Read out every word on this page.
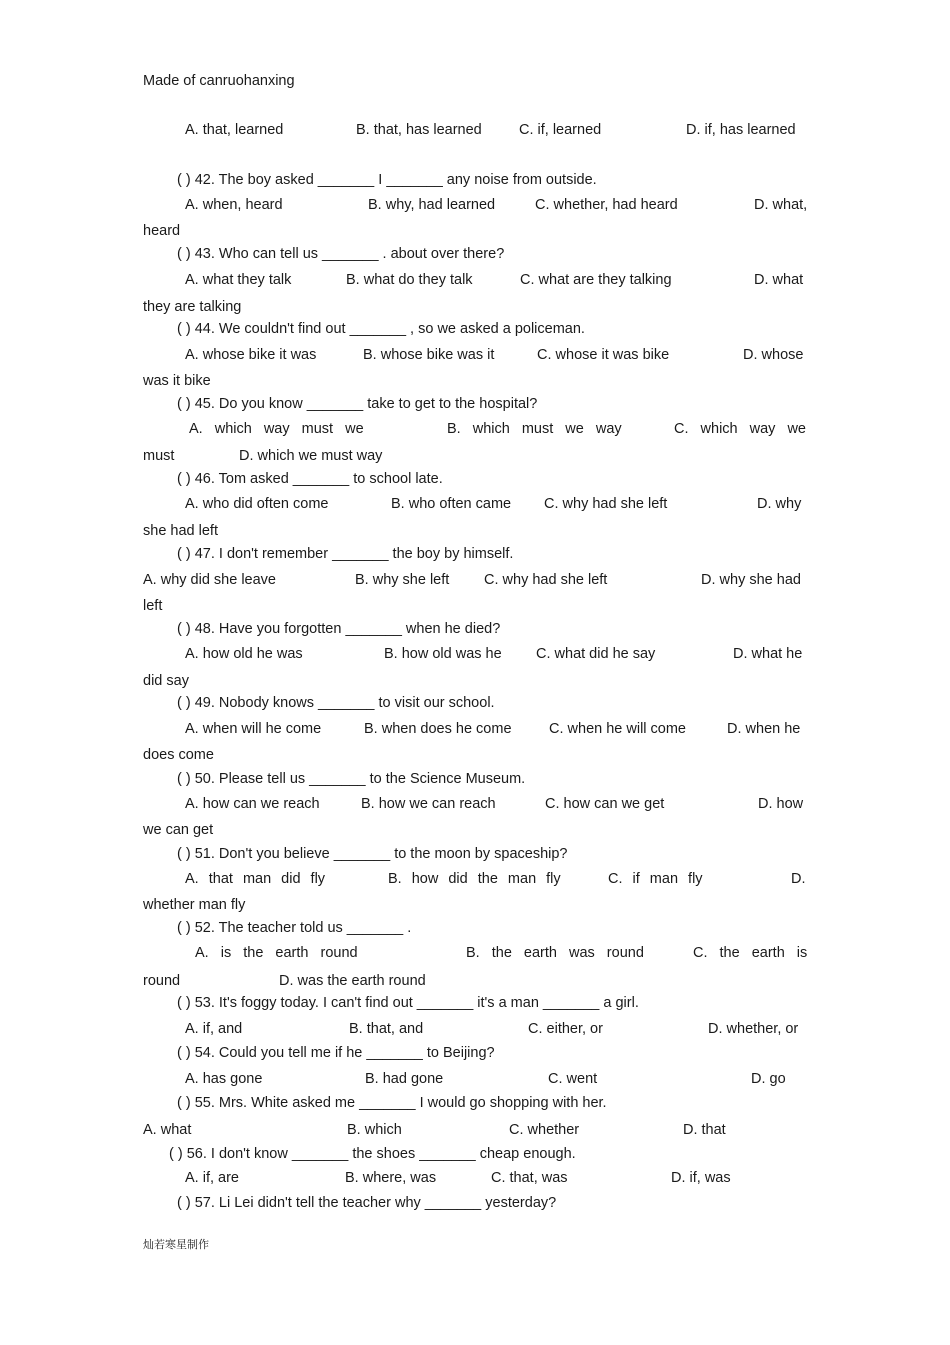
Made of canruohanxing
A. that, learned	B. that, has learned	C. if, learned	D. if, has learned
( ) 42. The boy asked _______ I _______ any noise from outside.
A. when, heard	B. why, had learned	C. whether, had heard	D. what,
heard
( ) 43. Who can tell us _______ . about over there?
A. what they talk	B. what do they talk	C. what are they talking	D. what
they are talking
( ) 44. We couldn't find out _______ , so we asked a policeman.
A. whose bike it was	B. whose bike was it	C. whose it was bike	D. whose
was it bike
( ) 45. Do you know _______ take to get to the hospital?
A. which way must we	B. which must we way	C. which way we
must	D. which we must way
( ) 46. Tom asked _______ to school late.
A. who did often come	B. who often came C. why had she left	D. why
she had left
( ) 47. I don't remember _______ the boy by himself.
A. why did she leave	B. why she left C. why had she left	D. why she had
left
( ) 48. Have you forgotten _______ when he died?
A. how old he was	B. how old was he C. what did he say	D. what he
did say
( ) 49. Nobody knows _______ to visit our school.
A. when will he come	B. when does he come	C. when he will come	D. when he
does come
( ) 50. Please tell us _______ to the Science Museum.
A. how can we reach	B. how we can reach	C. how can we get	D. how
we can get
( ) 51. Don't you believe _______ to the moon by spaceship?
A. that man did fly	B. how did the man fly	C. if man fly	D.
whether man fly
( ) 52. The teacher told us _______ .
A. is the earth round	B. the earth was round	C. the earth is
round	D. was the earth round
( ) 53. It's foggy today. I can't find out _______ it's a man _______ a girl.
A. if, and	B. that, and	C. either, or	D. whether, or
( ) 54. Could you tell me if he _______ to Beijing?
A. has gone	B. had gone	C. went	D. go
( ) 55. Mrs. White asked me _______ I would go shopping with her.
A. what	B. which	C. whether	D. that
( ) 56. I don't know _______ the shoes _______ cheap enough.
A. if, are	B. where, was	C. that, was	D. if, was
( ) 57. Li Lei didn't tell the teacher why _______ yesterday?
灿若寒星制作
